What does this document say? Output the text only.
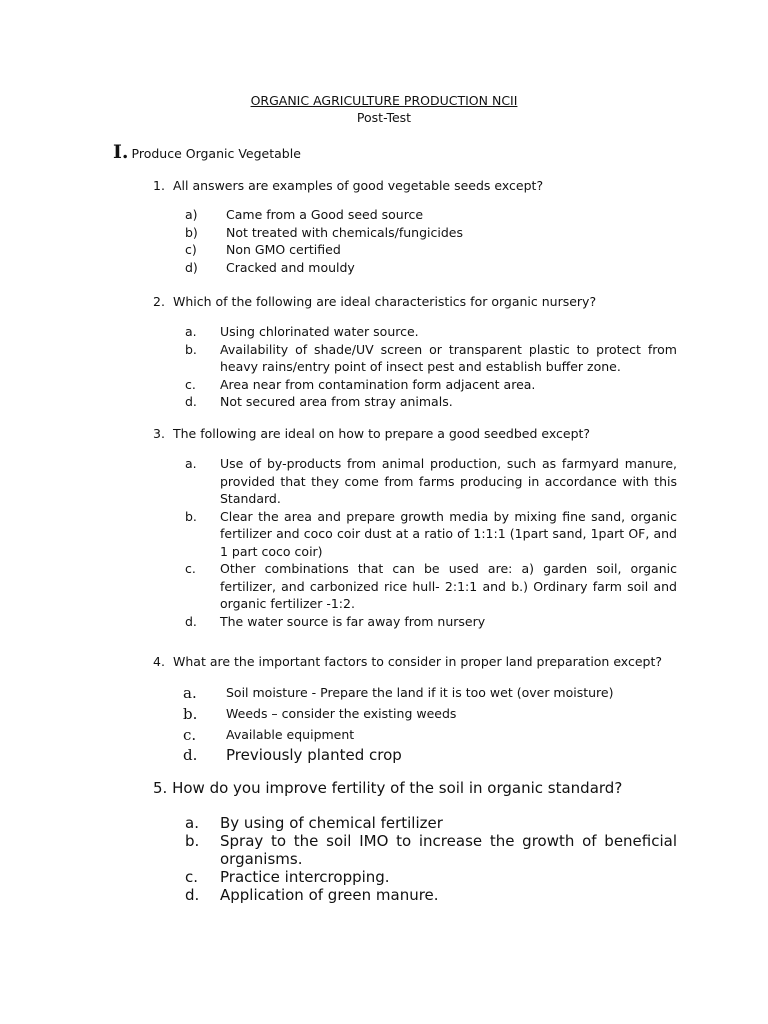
ORGANIC AGRICULTURE PRODUCTION NCII
Post-Test
I. Produce Organic Vegetable
1. All answers are examples of good vegetable seeds except?
a) Came from a Good seed source
b) Not treated with chemicals/fungicides
c) Non GMO certified
d) Cracked and mouldy
2. Which of the following are ideal characteristics for organic nursery?
a. Using chlorinated water source.
b. Availability of shade/UV screen or transparent plastic to protect from heavy rains/entry point of insect pest and establish buffer zone.
c. Area near from contamination form adjacent area.
d. Not secured area from stray animals.
3. The following are ideal on how to prepare a good seedbed except?
a. Use of by-products from animal production, such as farmyard manure, provided that they come from farms producing in accordance with this Standard.
b. Clear the area and prepare growth media by mixing fine sand, organic fertilizer and coco coir dust at a ratio of 1:1:1 (1part sand, 1part OF, and 1 part coco coir)
c. Other combinations that can be used are: a) garden soil, organic fertilizer, and carbonized rice hull- 2:1:1 and b.) Ordinary farm soil and organic fertilizer -1:2.
d. The water source is far away from nursery
4. What are the important factors to consider in proper land preparation except?
a. Soil moisture - Prepare the land if it is too wet (over moisture)
b. Weeds – consider the existing weeds
c. Available equipment
d. Previously planted crop
5. How do you improve fertility of the soil in organic standard?
a. By using of chemical fertilizer
b. Spray to the soil IMO to increase the growth of beneficial organisms.
c. Practice intercropping.
d. Application of green manure.
